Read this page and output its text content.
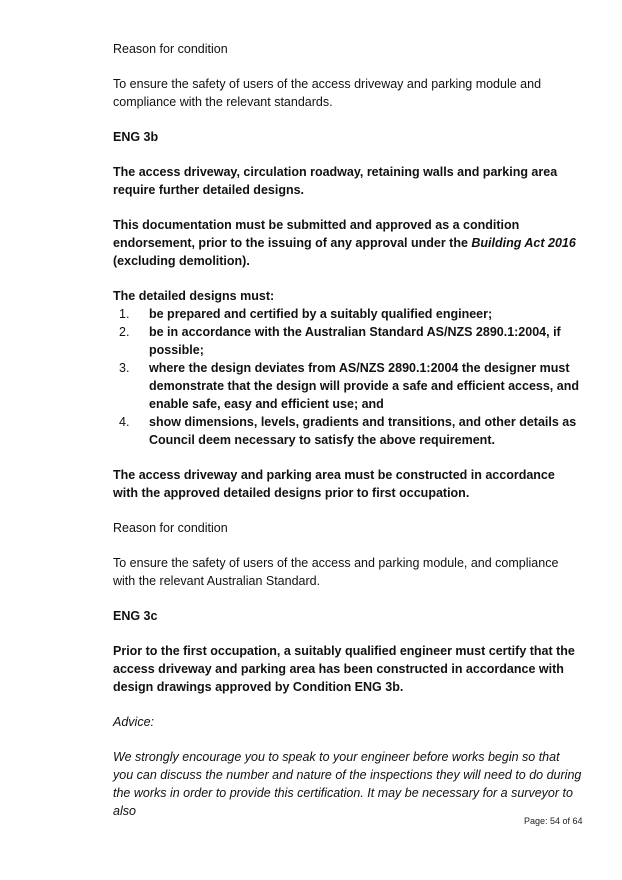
Reason for condition

To ensure the safety of users of the access driveway and parking module and compliance with the relevant standards.

ENG 3b

The access driveway, circulation roadway, retaining walls and parking area require further detailed designs.

This documentation must be submitted and approved as a condition endorsement, prior to the issuing of any approval under the Building Act 2016 (excluding demolition).

The detailed designs must:

1.	be prepared and certified by a suitably qualified engineer;
2.	be in accordance with the Australian Standard AS/NZS 2890.1:2004, if possible;
3.	where the design deviates from AS/NZS 2890.1:2004 the designer must demonstrate that the design will provide a safe and efficient access, and enable safe, easy and efficient use; and
4.	show dimensions, levels, gradients and transitions, and other details as Council deem necessary to satisfy the above requirement.

The access driveway and parking area must be constructed in accordance with the approved detailed designs prior to first occupation.

Reason for condition

To ensure the safety of users of the access and parking module, and compliance with the relevant Australian Standard.

ENG 3c

Prior to the first occupation, a suitably qualified engineer must certify that the access driveway and parking area has been constructed in accordance with design drawings approved by Condition ENG 3b.

Advice:

We strongly encourage you to speak to your engineer before works begin so that you can discuss the number and nature of the inspections they will need to do during the works in order to provide this certification. It may be necessary for a surveyor to also

Page: 54 of 64
